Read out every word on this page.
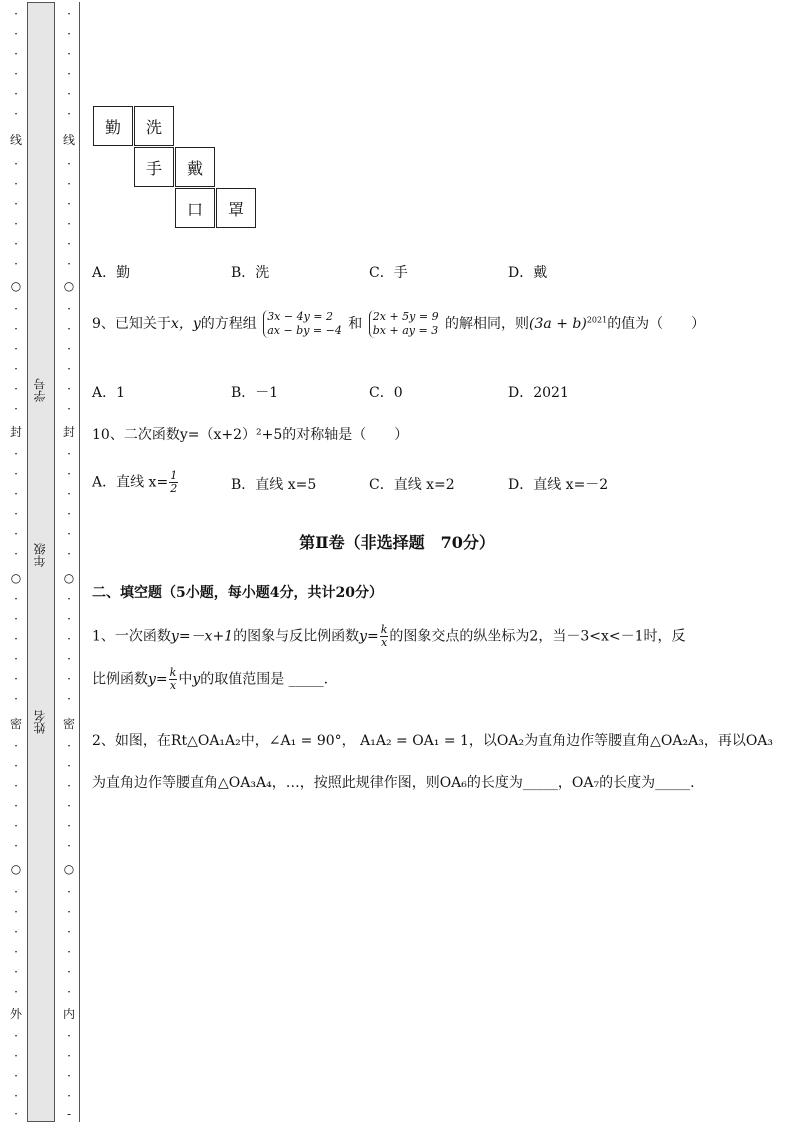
·
·
·
·
·
·
线
·
·
·
·
·
·
○
·
·
·
·
·
·
封
·
·
·
·
·
·
○
·
·
·
·
·
·
密
·
·
·
·
·
·
○
·
·
·
·
·
·
外
·
·
·
·
·
·
·
·
·
·
·
线
·
·
·
·
·
·
○
·
·
·
·
·
·
封
·
·
·
·
·
·
○
·
·
·
·
·
·
密
·
·
·
·
·
·
○
·
·
·
·
·
·
内
·
·
·
·
-
学号
年级
姓名
勤	洗
手	戴
口	罩
A．勤	B．洗	C．手	D．戴
9、已知关于x，y的方程组 3x − 4y = 2
ax − by = −4 和 2x + 5y = 9
bx + ay = 3 的解相同，则$(3a + b)^{2021}$的值为（　　）
A．1	B．－1	C．0	D．2021
10、二次函数y=（x+2）²+5的对称轴是（　　）
A．直线 $x= \frac{1}{2}$	B．直线 x=5	C．直线 x=2	D．直线 x=－2
第Ⅱ卷（非选择题　70分）
二、填空题（5小题，每小题4分，共计20分）
1、一次函数y=－x+1的图象与反比例函数$y= \frac{k}{x}$ 的图象交点的纵坐标为2，当－3<x<－1时，反
比例函数$y= \frac{k}{x}$ 中y的取值范围是 _____.
2、如图，在Rt△OA₁A₂中，∠A₁ = 90°， A₁A₂ = OA₁ = 1，以OA₂为直角边作等腰直角△OA₂A₃，再以OA₃
为直角边作等腰直角△OA₃A₄，…，按照此规律作图，则OA₆的长度为_____，OA₇的长度为_____.
